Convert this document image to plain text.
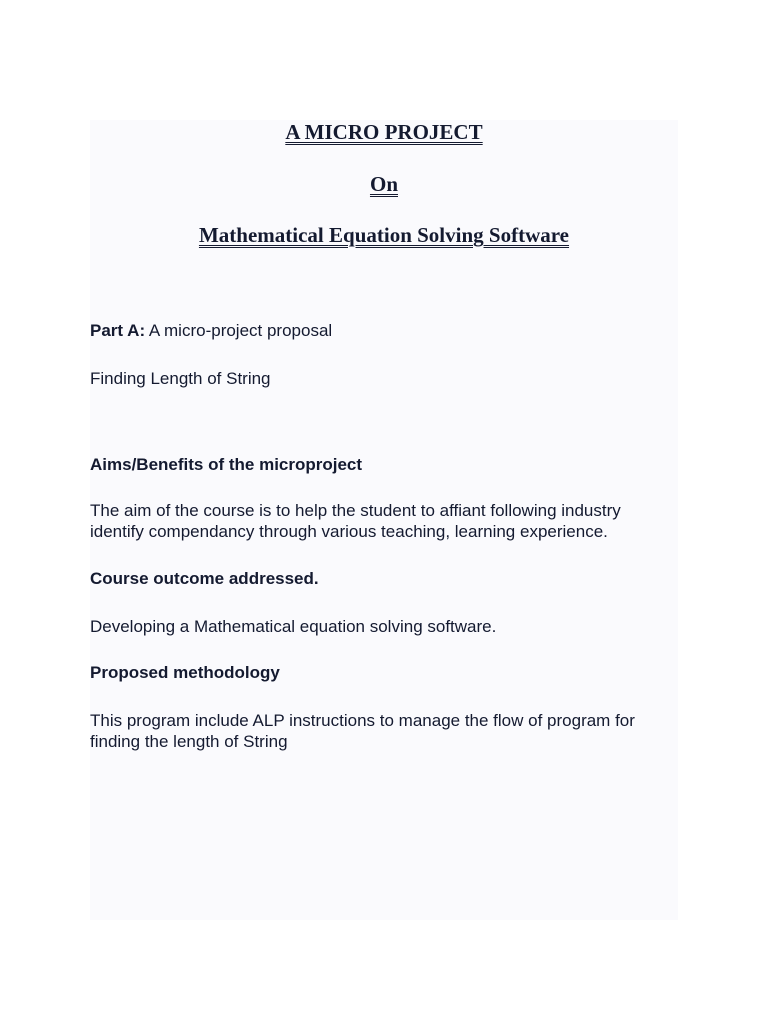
A MICRO PROJECT
On
Mathematical Equation Solving Software

Part A: A micro-project proposal

Finding Length of String

Aims/Benefits of the microproject

The aim of the course is to help the student to affiant following industry identify compendancy through various teaching, learning experience.

Course outcome addressed.

Developing a Mathematical equation solving software.

Proposed methodology

This program include ALP instructions to manage the flow of program for finding the length of String
